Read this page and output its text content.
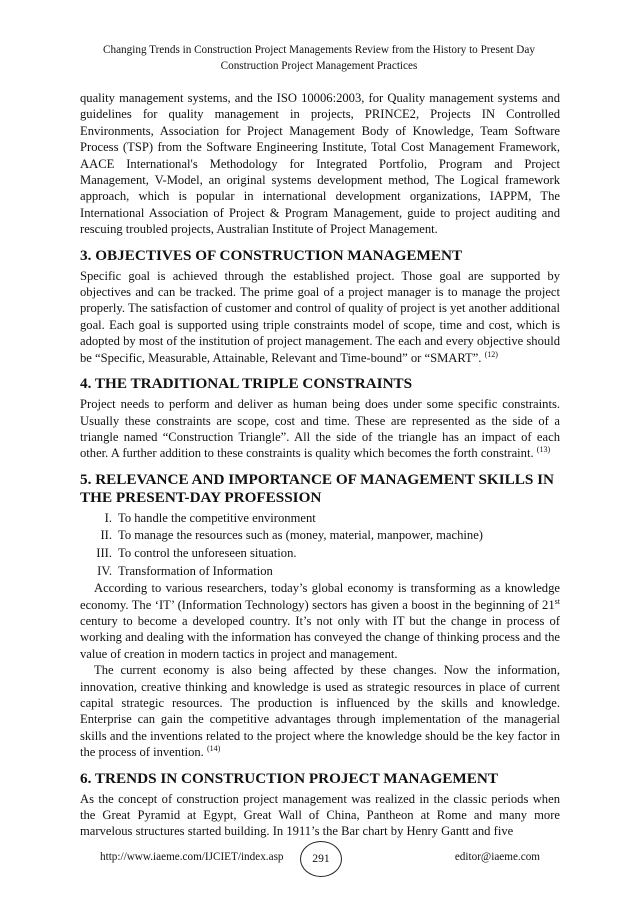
Changing Trends in Construction Project Managements Review from the History to Present Day
Construction Project Management Practices

quality management systems, and the ISO 10006:2003, for Quality management systems and guidelines for quality management in projects, PRINCE2, Projects IN Controlled Environments, Association for Project Management Body of Knowledge, Team Software Process (TSP) from the Software Engineering Institute, Total Cost Management Framework, AACE International's Methodology for Integrated Portfolio, Program and Project Management, V-Model, an original systems development method, The Logical framework approach, which is popular in international development organizations, IAPPM, The International Association of Project & Program Management, guide to project auditing and rescuing troubled projects, Australian Institute of Project Management.

3. OBJECTIVES OF CONSTRUCTION MANAGEMENT

Specific goal is achieved through the established project. Those goal are supported by objectives and can be tracked. The prime goal of a project manager is to manage the project properly. The satisfaction of customer and control of quality of project is yet another additional goal. Each goal is supported using triple constraints model of scope, time and cost, which is adopted by most of the institution of project management. The each and every objective should be “Specific, Measurable, Attainable, Relevant and Time-bound” or “SMART”. $^{(12)}$

4. THE TRADITIONAL TRIPLE CONSTRAINTS

Project needs to perform and deliver as human being does under some specific constraints. Usually these constraints are scope, cost and time. These are represented as the side of a triangle named “Construction Triangle”. All the side of the triangle has an impact of each other. A further addition to these constraints is quality which becomes the forth constraint. $^{(13)}$

5. RELEVANCE AND IMPORTANCE OF MANAGEMENT SKILLS IN
THE PRESENT-DAY PROFESSION
I. To handle the competitive environment
II. To manage the resources such as (money, material, manpower, machine)
III. To control the unforeseen situation.
IV. Transformation of Information

According to various researchers, today’s global economy is transforming as a knowledge economy. The ‘IT’ (Information Technology) sectors has given a boost in the beginning of 21st century to become a developed country. It’s not only with IT but the change in process of working and dealing with the information has conveyed the change of thinking process and the value of creation in modern tactics in project and management.

The current economy is also being affected by these changes. Now the information, innovation, creative thinking and knowledge is used as strategic resources in place of current capital strategic resources. The production is influenced by the skills and knowledge. Enterprise can gain the competitive advantages through implementation of the managerial skills and the inventions related to the project where the knowledge should be the key factor in the process of invention. $^{(14)}$

6. TRENDS IN CONSTRUCTION PROJECT MANAGEMENT

As the concept of construction project management was realized in the classic periods when the Great Pyramid at Egypt, Great Wall of China, Pantheon at Rome and many more marvelous structures started building. In 1911’s the Bar chart by Henry Gantt and five

http://www.iaeme.com/IJCIET/index.asp	291	editor@iaeme.com
